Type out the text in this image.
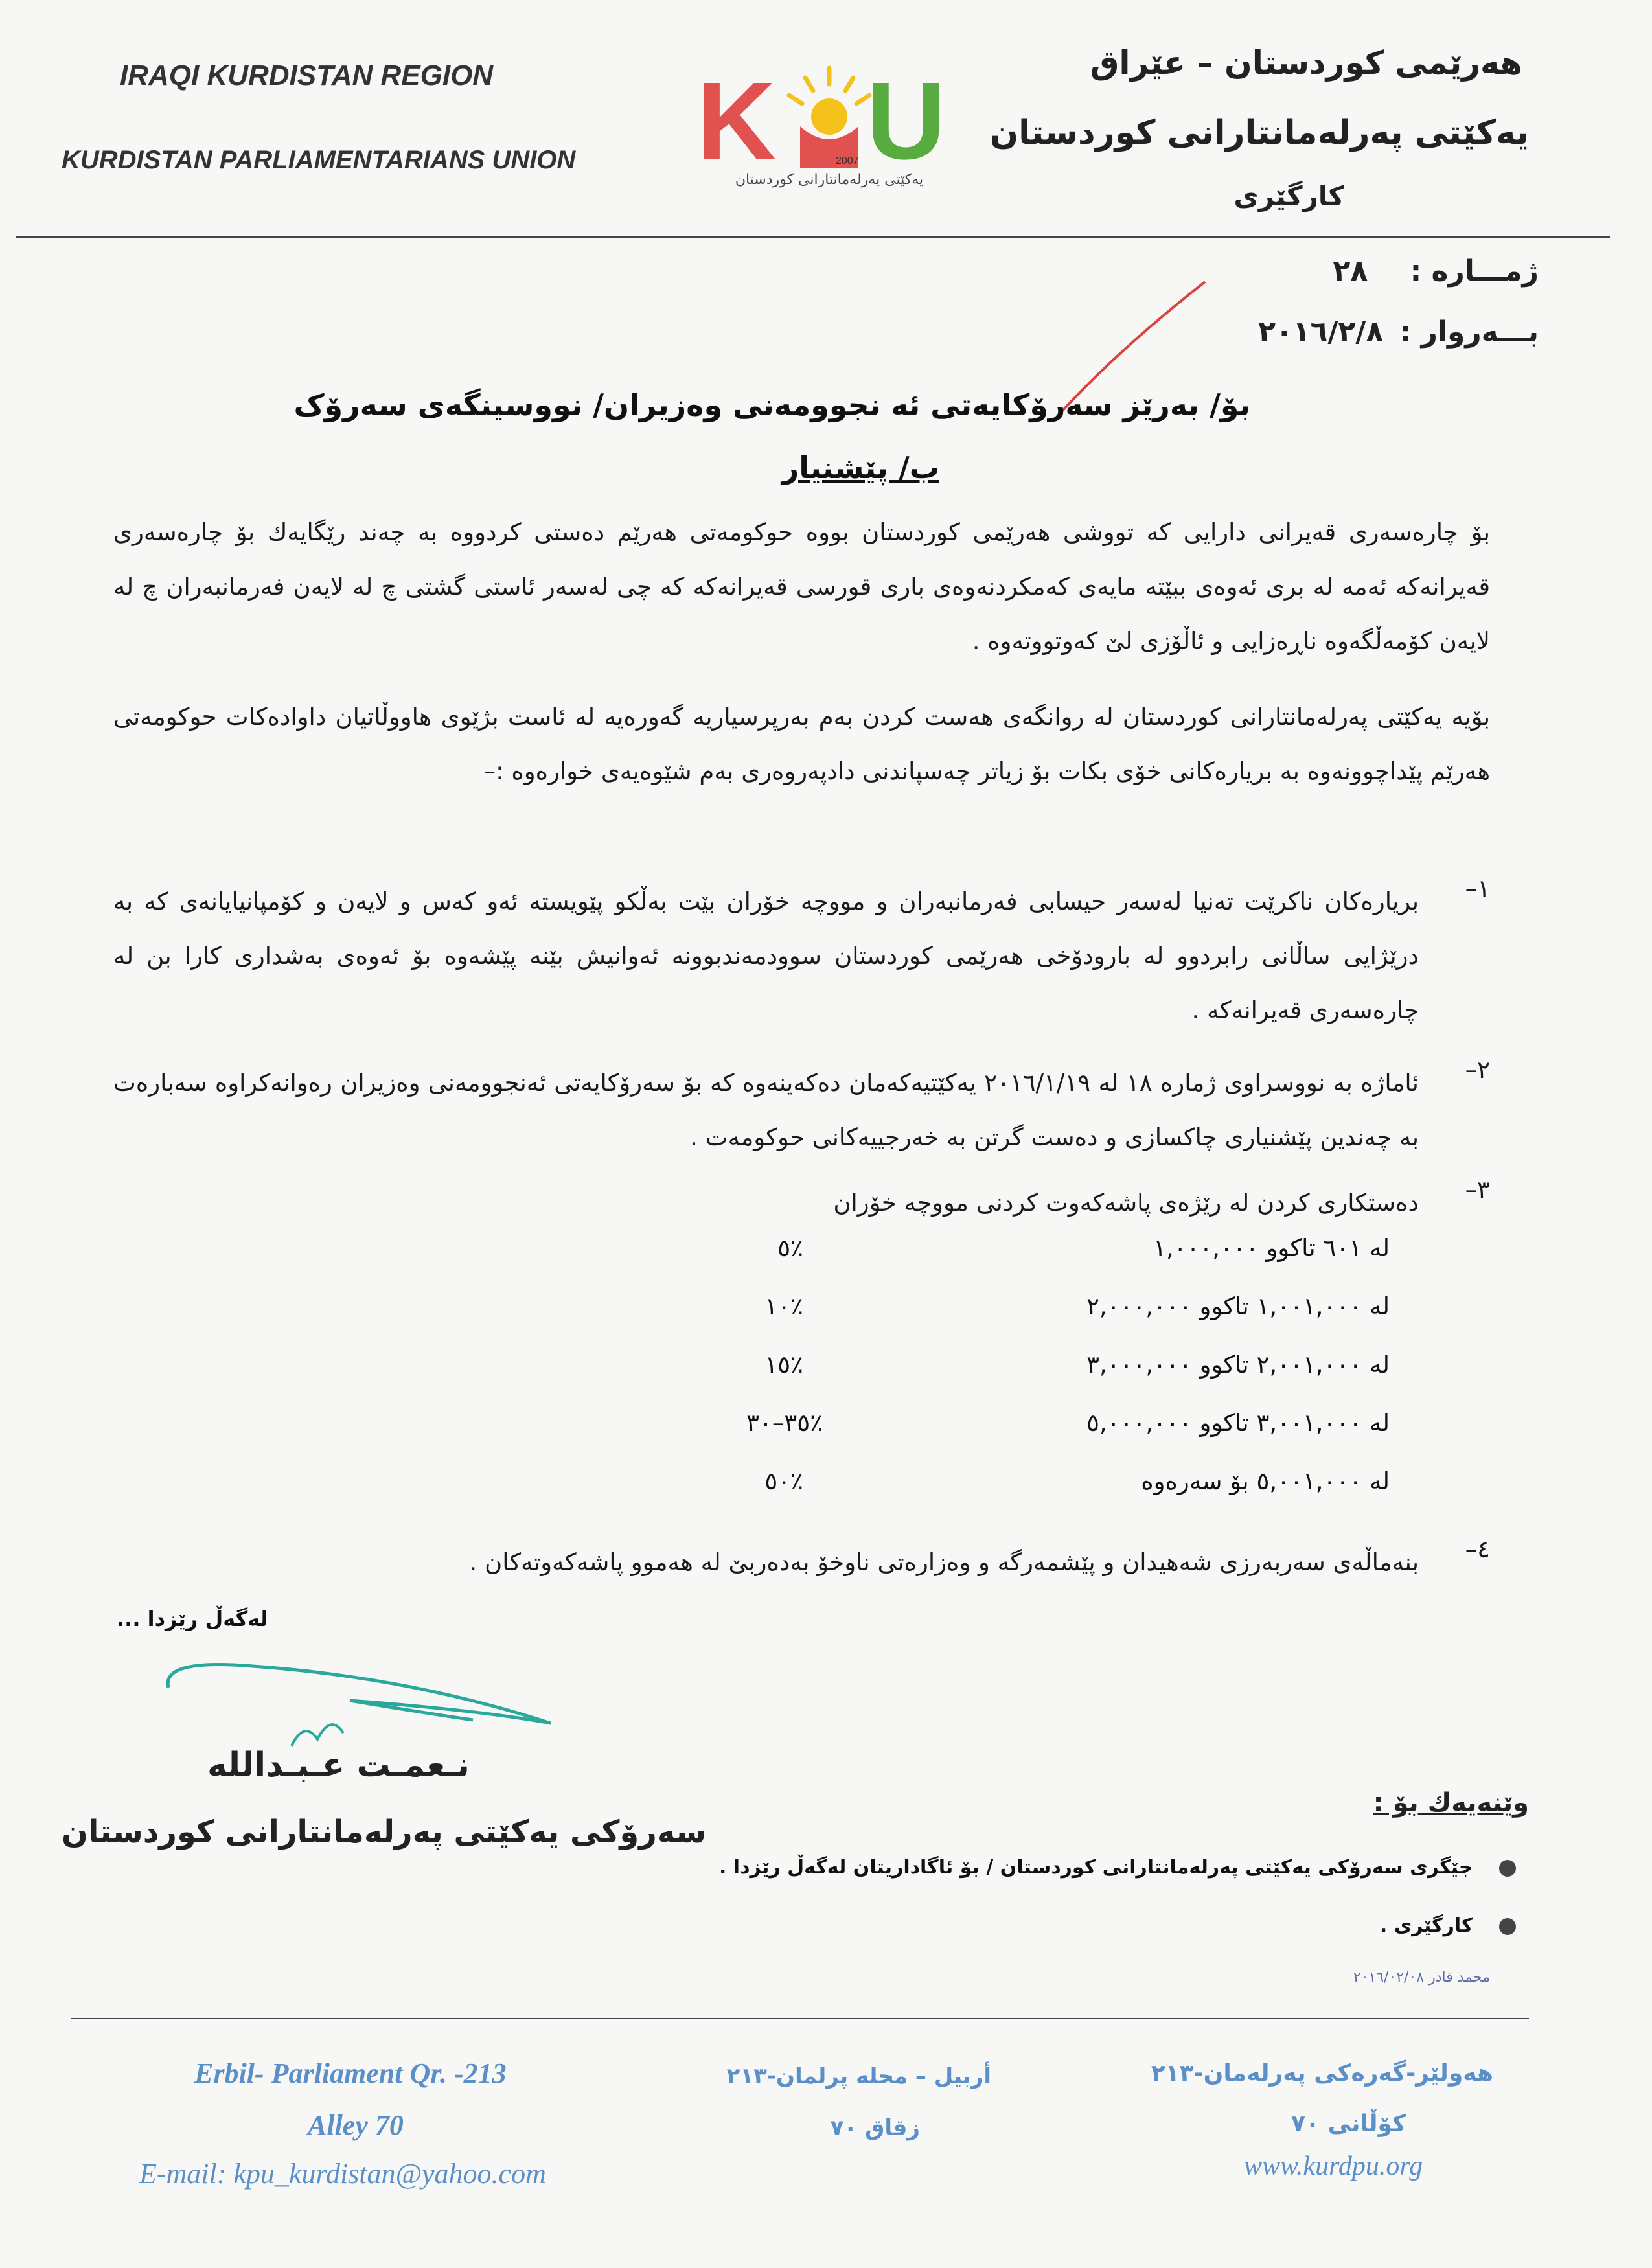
IRAQI KURDISTAN REGION
KURDISTAN PARLIAMENTARIANS UNION K U
2007
یەکێتی پەرلەمانتارانی کوردستان
هەرێمی کوردستان – عێراق
یەکێتی پەرلەمانتارانی کوردستان
کارگێری
ژمـــاره : ٢٨
بـــەروار : ٢٠١٦/٢/٨
بۆ/ بەرێز سەرۆکایەتی ئە نجوومەنی وەزیران/ نووسینگەی سەرۆک
ب/ پێشنیار
بۆ چارەسەری قەیرانی دارایی کە تووشی هەرێمی کوردستان بووە حوکومەتی هەرێم دەستی کردووە بە چەند رێگایەك بۆ چارەسەری قەیرانەکە ئەمە لە بری ئەوەی ببێتە مایەی کەمکردنەوەی باری قورسی قەیرانەکە کە چی لەسەر ئاستی گشتی چ لە لایەن فەرمانبەران چ لە لایەن کۆمەڵگەوە ناڕەزایی و ئاڵۆزی لێ کەوتووتەوە .
بۆیە یەکێتی پەرلەمانتارانی کوردستان لە روانگەی هەست کردن بەم بەرپرسیاریە گەورەیە لە ئاست بژێوی هاووڵاتیان داوادەکات حوکومەتی هەرێم پێداچوونەوە بە بریارەکانی خۆی بکات بۆ زیاتر چەسپاندنی دادپەروەری بەم شێوەیەی خوارەوە :–
١–
بریارەکان ناکرێت تەنیا لەسەر حیسابی فەرمانبەران و مووچە خۆران بێت بەڵکو پێویستە ئەو کەس و لایەن و کۆمپانیایانەی کە بە درێژایی ساڵانی رابردوو لە بارودۆخی هەرێمی کوردستان سوودمەندبوونە ئەوانیش بێنە پێشەوە بۆ ئەوەی بەشداری کارا بن لە چارەسەری قەیرانەکە .
٢–
ئاماژە بە نووسراوی ژمارە ١٨ لە ٢٠١٦/١/١٩ یەکێتیەکەمان دەکەینەوە کە بۆ سەرۆکایەتی ئەنجوومەنی وەزیران رەوانەکراوە سەبارەت بە چەندین پێشنیاری چاکسازی و دەست گرتن بە خەرجییەکانی حوکومەت .
٣–
دەستکاری کردن لە رێژەی پاشەکەوت کردنی مووچە خۆران
لە ٦٠١ تاکوو ١,٠٠٠,٠٠٠
٪٥
لە ١,٠٠١,٠٠٠ تاکوو ٢,٠٠٠,٠٠٠
٪١٠
لە ٢,٠٠١,٠٠٠ تاکوو ٣,٠٠٠,٠٠٠
٪١٥
لە ٣,٠٠١,٠٠٠ تاکوو ٥,٠٠٠,٠٠٠
٪٣٥–٣٠
لە ٥,٠٠١,٠٠٠ بۆ سەرەوە
٪٥٠
٤–
بنەماڵەی سەربەرزی شەهیدان و پێشمەرگە و وەزارەتی ناوخۆ بەدەربێ لە هەموو پاشەکەوتەکان .
لەگەڵ رێزدا ...
نـعمـت عـبـدالله
سەرۆکی یەکێتی پەرلەمانتارانی کوردستان
وێنەیەك بۆ :
جێگری سەرۆکی یەکێتی پەرلەمانتارانی کوردستان / بۆ ئاگاداریتان لەگەڵ رێزدا .
کارگێری .
محمد قادر ٢٠١٦/٠٢/٠٨
Erbil- Parliament Qr. -213
Alley 70
E-mail: kpu_kurdistan@yahoo.com
أربيل – محلە پرلمان-٢١٣
زقاق ٧٠
هەولێر-گەرەکی پەرلەمان-٢١٣
کۆڵانی ٧٠
www.kurdpu.org
